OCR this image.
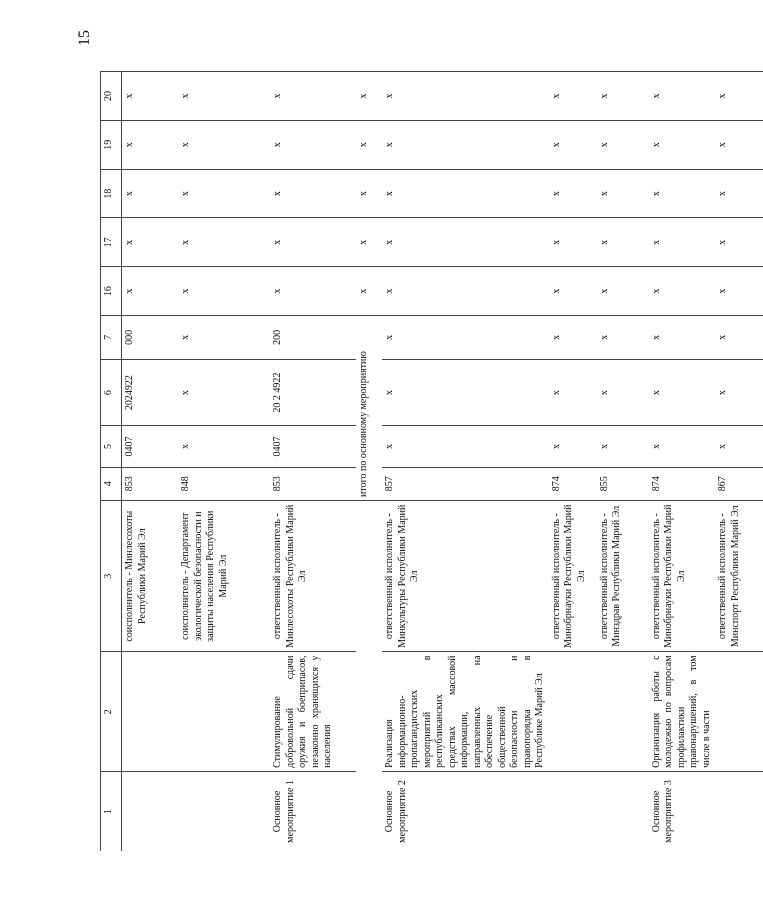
15
1	2	3	4	5	6	7	16	17	18	19	20
		соисполнитель - Минлесохоты Республики Марий Эл	853	0407	2024922	000	x	x	x	x	x
		соисполнитель - Департамент экологической безопасности и защиты населения Республики Марий Эл	848	x	x	x	x	x	x	x	x
Основное мероприятие 1	Стимулирование добровольной сдачи оружия и боеприпасов, незаконно хранящихся у населения	ответственный исполнитель - Минлесохоты Республики Марий Эл	853	0407	20 2 4922	200	x	x	x	x	x
			итого по основному мероприятию				x	x	x	x	x
Основное мероприятие 2	Реализация информационно-пропагандистских мероприятий в республиканских средствах массовой информации, направленных на обеспечение общественной безопасности и правопорядка в Республике Марий Эл	ответственный исполнитель - Минкультуры Республики Марий Эл	857	x	x	x	x	x	x	x	x
		ответственный исполнитель - Минобрнауки Республики Марий Эл	874	x	x	x	x	x	x	x	x
		ответственный исполнитель - Минздрав Республики Марий Эл	855	x	x	x	x	x	x	x	x
Основное мероприятие 3	Организация работы с молодежью по вопросам профилактики правонарушений, в том числе в части	ответственный исполнитель - Минобрнауки Республики Марий Эл	874	x	x	x	x	x	x	x	x
		ответственный исполнитель - Минспорт Республики Марий Эл	867	x	x	x	x	x	x	x	x
